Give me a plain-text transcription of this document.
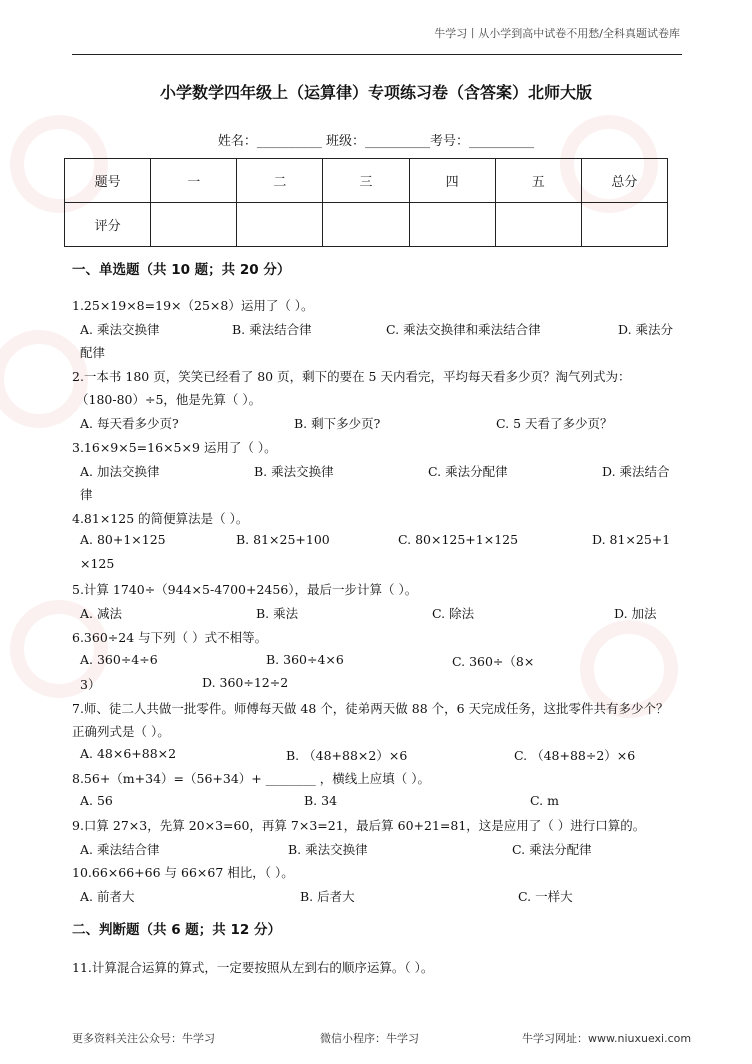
牛学习丨从小学到高中试卷不用愁/全科真题试卷库
小学数学四年级上（运算律）专项练习卷（含答案）北师大版
姓名：__________ 班级：__________考号：__________
题号	一	二	三	四	五	总分
评分						
一、单选题（共 10 题；共 20 分）
1.25×19×8=19×（25×8）运用了（ ）。
A. 乘法交换律	B. 乘法结合律	C. 乘法交换律和乘法结合律	D. 乘法分
配律
2.一本书 180 页，笑笑已经看了 80 页，剩下的要在 5 天内看完，平均每天看多少页？淘气列式为：
（180-80）÷5，他是先算（ ）。
A. 每天看多少页?	B. 剩下多少页?	C. 5 天看了多少页？
3.16×9×5=16×5×9 运用了（ ）。
A. 加法交换律	B. 乘法交换律	C. 乘法分配律	D. 乘法结合
律
4.81×125 的简便算法是（ ）。
A. 80+1×125	B. 81×25+100	C. 80×125+1×125	D. 81×25+1
×125
5.计算 1740÷（944×5-4700+2456），最后一步计算（ ）。
A. 减法	B. 乘法	C. 除法	D. 加法
6.360÷24 与下列（ ）式不相等。
A. 360÷4÷6	B. 360÷4×6	C. 360÷（8×
3）	D. 360÷12÷2
7.师、徒二人共做一批零件。师傅每天做 48 个，徒弟两天做 88 个，6 天完成任务，这批零件共有多少个？
正确列式是（ ）。
A. 48×6+88×2	B. （48+88×2）×6	C. （48+88÷2）×6
8.56+（m+34）=（56+34）+ ________ ，横线上应填（ ）。
A. 56	B. 34	C. m
9.口算 27×3，先算 20×3=60，再算 7×3=21，最后算 60+21=81，这是应用了（ ）进行口算的。
A. 乘法结合律	B. 乘法交换律	C. 乘法分配律
10.66×66+66 与 66×67 相比，（ ）。
A. 前者大	B. 后者大	C. 一样大
二、判断题（共 6 题；共 12 分）
11.计算混合运算的算式，一定要按照从左到右的顺序运算。（ ）。
更多资料关注公众号：牛学习	微信小程序：牛学习	牛学习网址：www.niuxuexi.com
